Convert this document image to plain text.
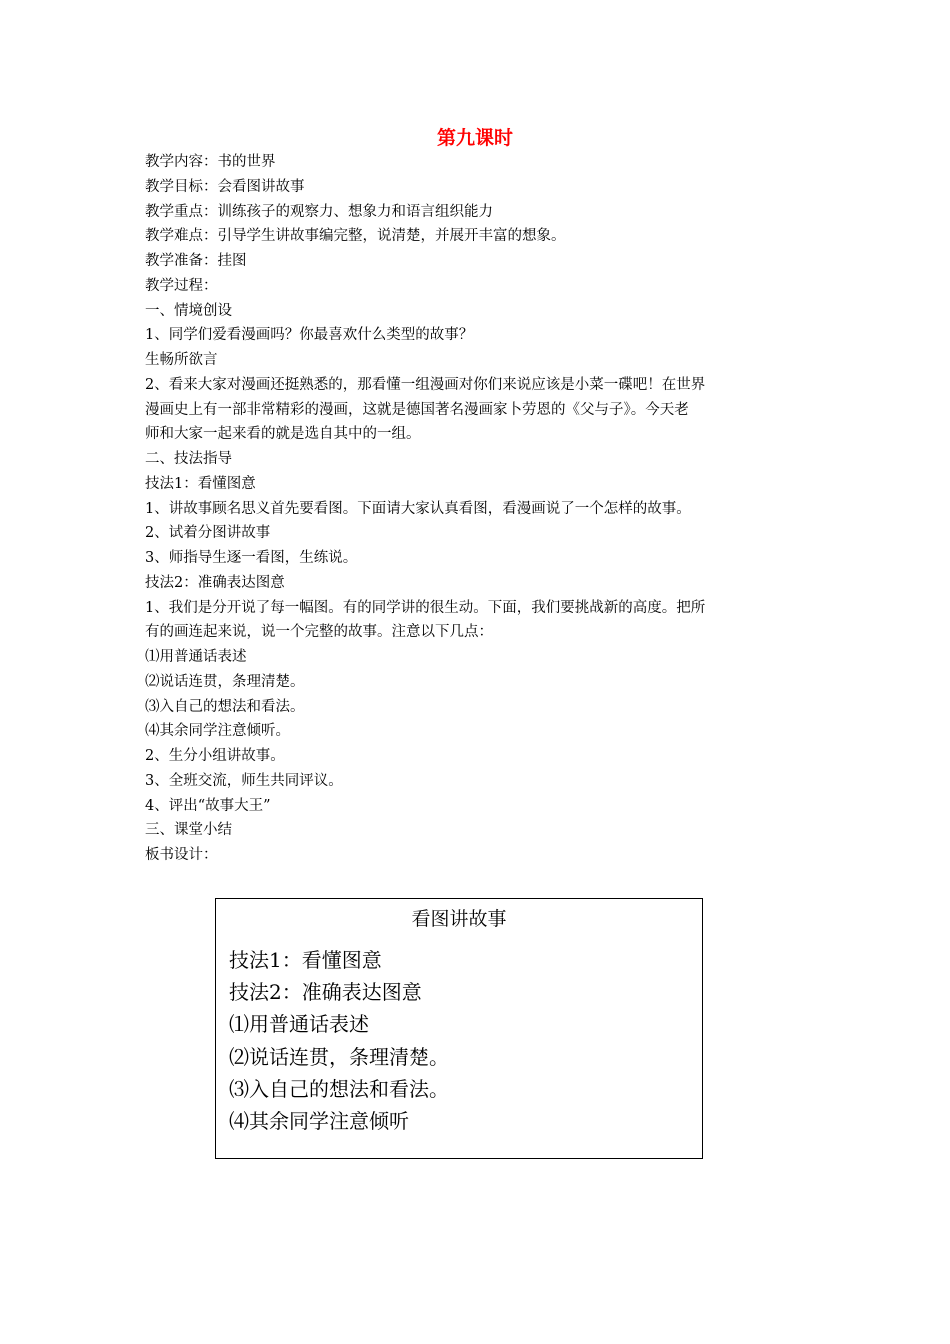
第九课时
教学内容：书的世界
教学目标：会看图讲故事
教学重点：训练孩子的观察力、想象力和语言组织能力
教学难点：引导学生讲故事编完整，说清楚，并展开丰富的想象。
教学准备：挂图
教学过程：
一、情境创设
1、同学们爱看漫画吗？你最喜欢什么类型的故事？
生畅所欲言
2、看来大家对漫画还挺熟悉的，那看懂一组漫画对你们来说应该是小菜一碟吧！在世界
漫画史上有一部非常精彩的漫画，这就是德国著名漫画家卜劳恩的《父与子》。今天老
师和大家一起来看的就是选自其中的一组。
二、技法指导
技法1：看懂图意
1、讲故事顾名思义首先要看图。下面请大家认真看图，看漫画说了一个怎样的故事。
2、试着分图讲故事
3、师指导生逐一看图，生练说。
技法2：准确表达图意
1、我们是分开说了每一幅图。有的同学讲的很生动。下面，我们要挑战新的高度。把所
有的画连起来说，说一个完整的故事。注意以下几点：
⑴用普通话表述
⑵说话连贯，条理清楚。
⑶入自己的想法和看法。
⑷其余同学注意倾听。
2、生分小组讲故事。
3、全班交流，师生共同评议。
4、评出“故事大王”
三、课堂小结
板书设计：
看图讲故事
技法1：看懂图意
技法2：准确表达图意
⑴用普通话表述
⑵说话连贯，条理清楚。
⑶入自己的想法和看法。
⑷其余同学注意倾听
